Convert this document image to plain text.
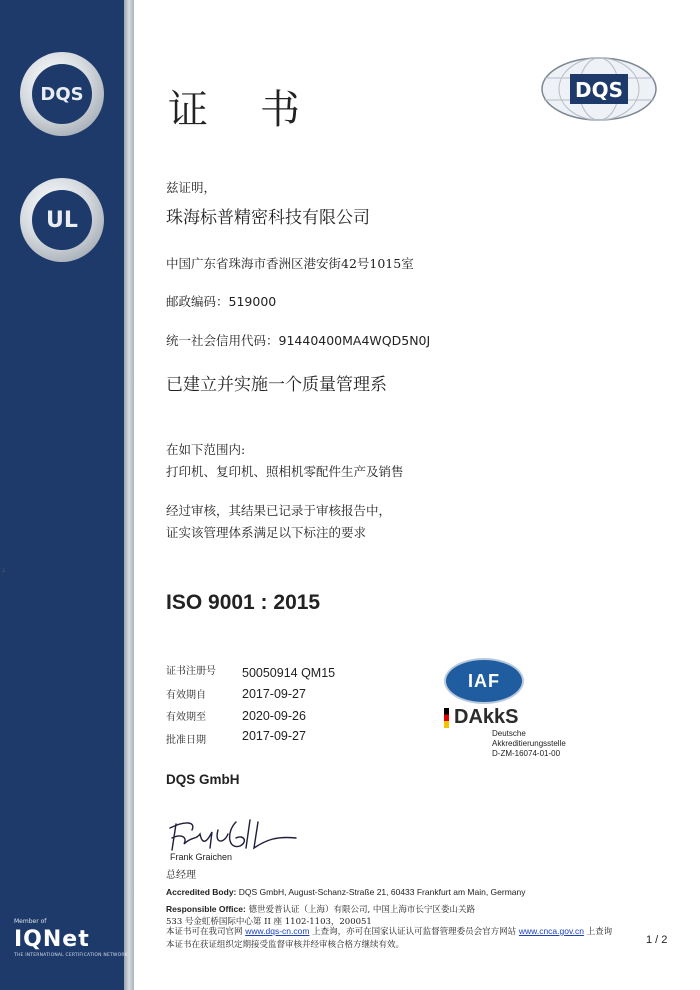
DQS
UL
Member of
IQNet
THE INTERNATIONAL CERTIFICATION NETWORK
2
证书	DQS
兹证明，
珠海标普精密科技有限公司
中国广东省珠海市香洲区港安街42号1015室
邮政编码：519000
统一社会信用代码：91440400MA4WQD5N0J
已建立并实施一个质量管理系
在如下范围内:
打印机、复印机、照相机零配件生产及销售
经过审核，其结果已记录于审核报告中，
证实该管理体系满足以下标注的要求
ISO 9001 : 2015
证书注册号 50050914 QM15
有效期自	2017-09-27
有效期至	2020-09-26
批准日期	2017-09-27
IAF
DAkkS
Deutsche
Akkreditierungsstelle
D-ZM-16074-01-00
DQS GmbH
Frank Graichen
总经理
Accredited Body: DQS GmbH, August-Schanz-Straße 21, 60433 Frankfurt am Main, Germany
Responsible Office: 德世爱普认证（上海）有限公司, 中国上海市长宁区娄山关路
533 号金虹桥国际中心第 II 座 1102-1103，200051
本证书可在我司官网 www.dqs-cn.com 上查询，亦可在国家认证认可监督管理委员会官方网站 www.cnca.gov.cn 上查询
本证书在获证组织定期接受监督审核并经审核合格方继续有效。	1 / 2
